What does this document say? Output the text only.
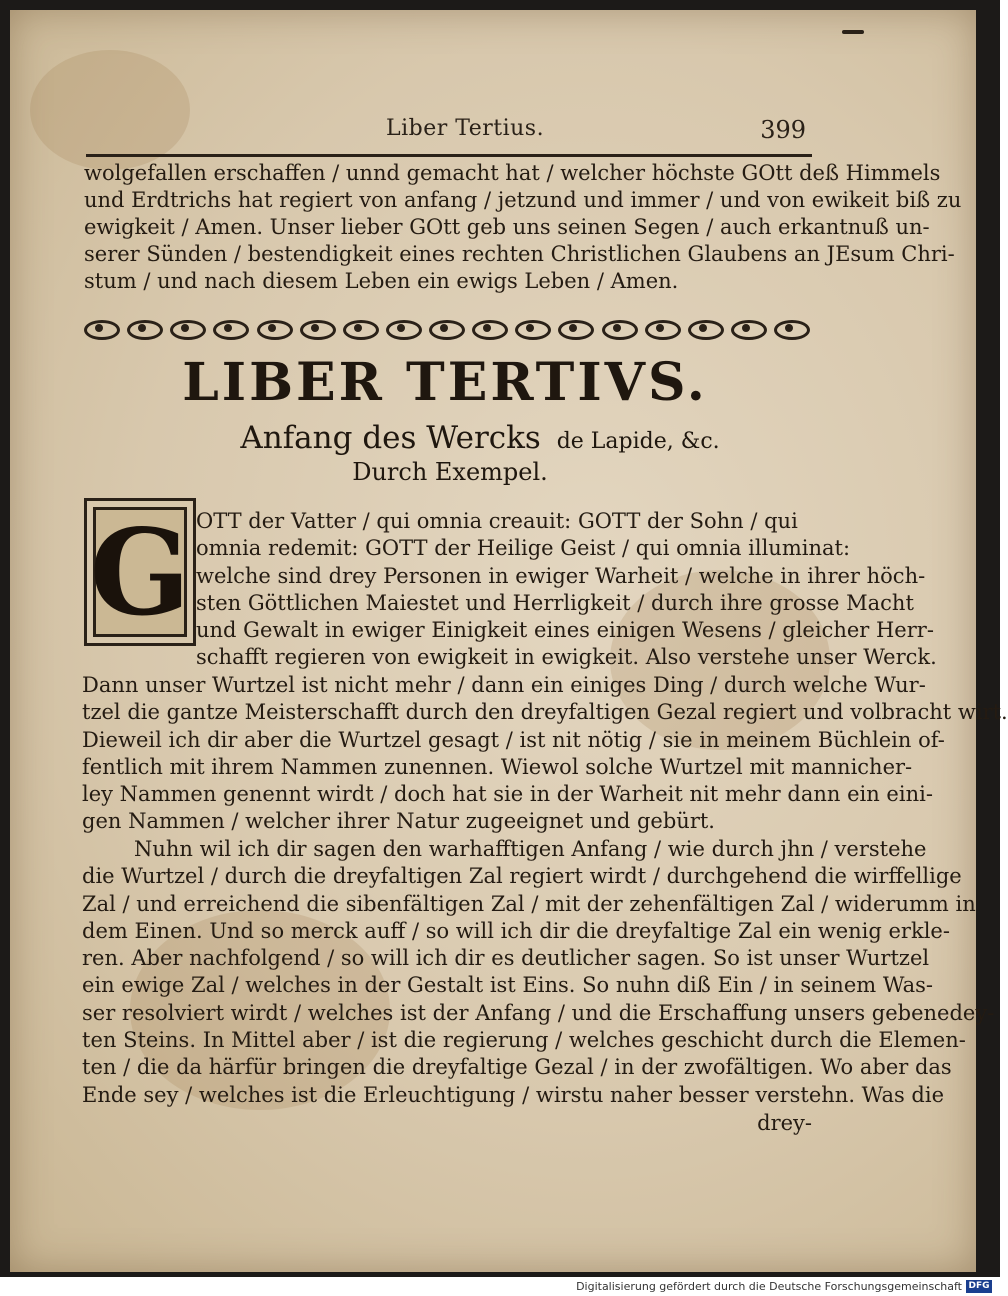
Liber Tertius.	399
wolgefallen erschaffen / unnd gemacht hat / welcher höchste GOtt deß Himmels
und Erdtrichs hat regiert von anfang / jetzund und immer / und von ewikeit biß zu
ewigkeit / Amen. Unser lieber GOtt geb uns seinen Segen / auch erkantnuß un-
serer Sünden / bestendigkeit eines rechten Christlichen Glaubens an JEsum Chri-
stum / und nach diesem Leben ein ewigs Leben / Amen.
LIBER TERTIVS.
Anfang des Wercks de Lapide, &c.
Durch Exempel.
G OTT der Vatter / qui omnia creauit: GOTT der Sohn / qui
omnia redemit: GOTT der Heilige Geist / qui omnia illuminat:
welche sind drey Personen in ewiger Warheit / welche in ihrer höch-
sten Göttlichen Maiestet und Herrligkeit / durch ihre grosse Macht
und Gewalt in ewiger Einigkeit eines einigen Wesens / gleicher Herr-
schafft regieren von ewigkeit in ewigkeit. Also verstehe unser Werck.
Dann unser Wurtzel ist nicht mehr / dann ein einiges Ding / durch welche Wur-
tzel die gantze Meisterschafft durch den dreyfaltigen Gezal regiert und volbracht wirt.
Dieweil ich dir aber die Wurtzel gesagt / ist nit nötig / sie in meinem Büchlein of-
fentlich mit ihrem Nammen zunennen. Wiewol solche Wurtzel mit mannicher-
ley Nammen genennt wirdt / doch hat sie in der Warheit nit mehr dann ein eini-
gen Nammen / welcher ihrer Natur zugeeignet und gebürt.
Nuhn wil ich dir sagen den warhafftigen Anfang / wie durch jhn / verstehe
die Wurtzel / durch die dreyfaltigen Zal regiert wirdt / durchgehend die wirffellige
Zal / und erreichend die sibenfältigen Zal / mit der zehenfältigen Zal / widerumm in
dem Einen. Und so merck auff / so will ich dir die dreyfaltige Zal ein wenig erkle-
ren. Aber nachfolgend / so will ich dir es deutlicher sagen. So ist unser Wurtzel
ein ewige Zal / welches in der Gestalt ist Eins. So nuhn diß Ein / in seinem Was-
ser resolviert wirdt / welches ist der Anfang / und die Erschaffung unsers gebenedey-
ten Steins. In Mittel aber / ist die regierung / welches geschicht durch die Elemen-
ten / die da härfür bringen die dreyfaltige Gezal / in der zwofältigen. Wo aber das
Ende sey / welches ist die Erleuchtigung / wirstu naher besser verstehn. Was die
drey-
Digitalisierung gefördert durch die Deutsche Forschungsgemeinschaft DFG
